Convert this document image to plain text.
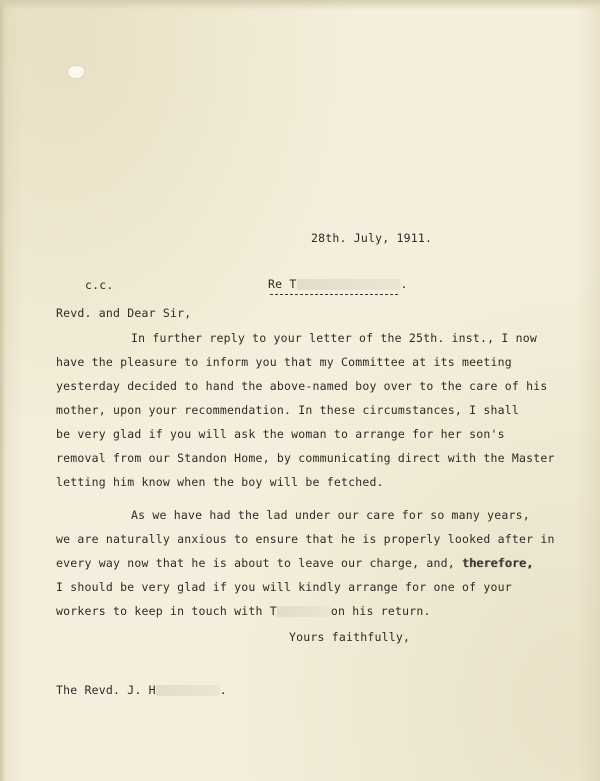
28th. July, 1911.
c.c.	Re T	.
Revd. and Dear Sir,
In further reply to your letter of the 25th. inst., I now
have the pleasure to inform you that my Committee at its meeting
yesterday decided to hand the above-named boy over to the care of his
mother, upon your recommendation. In these circumstances, I shall
be very glad if you will ask the woman to arrange for her son's
removal from our Standon Home, by communicating direct with the Master
letting him know when the boy will be fetched.
As we have had the lad under our care for so many years,
we are naturally anxious to ensure that he is properly looked after in
every way now that he is about to leave our charge, and, therefore,
I should be very glad if you will kindly arrange for one of your
workers to keep in touch with T	on his return.
Yours faithfully,
The Revd. J. H	.
